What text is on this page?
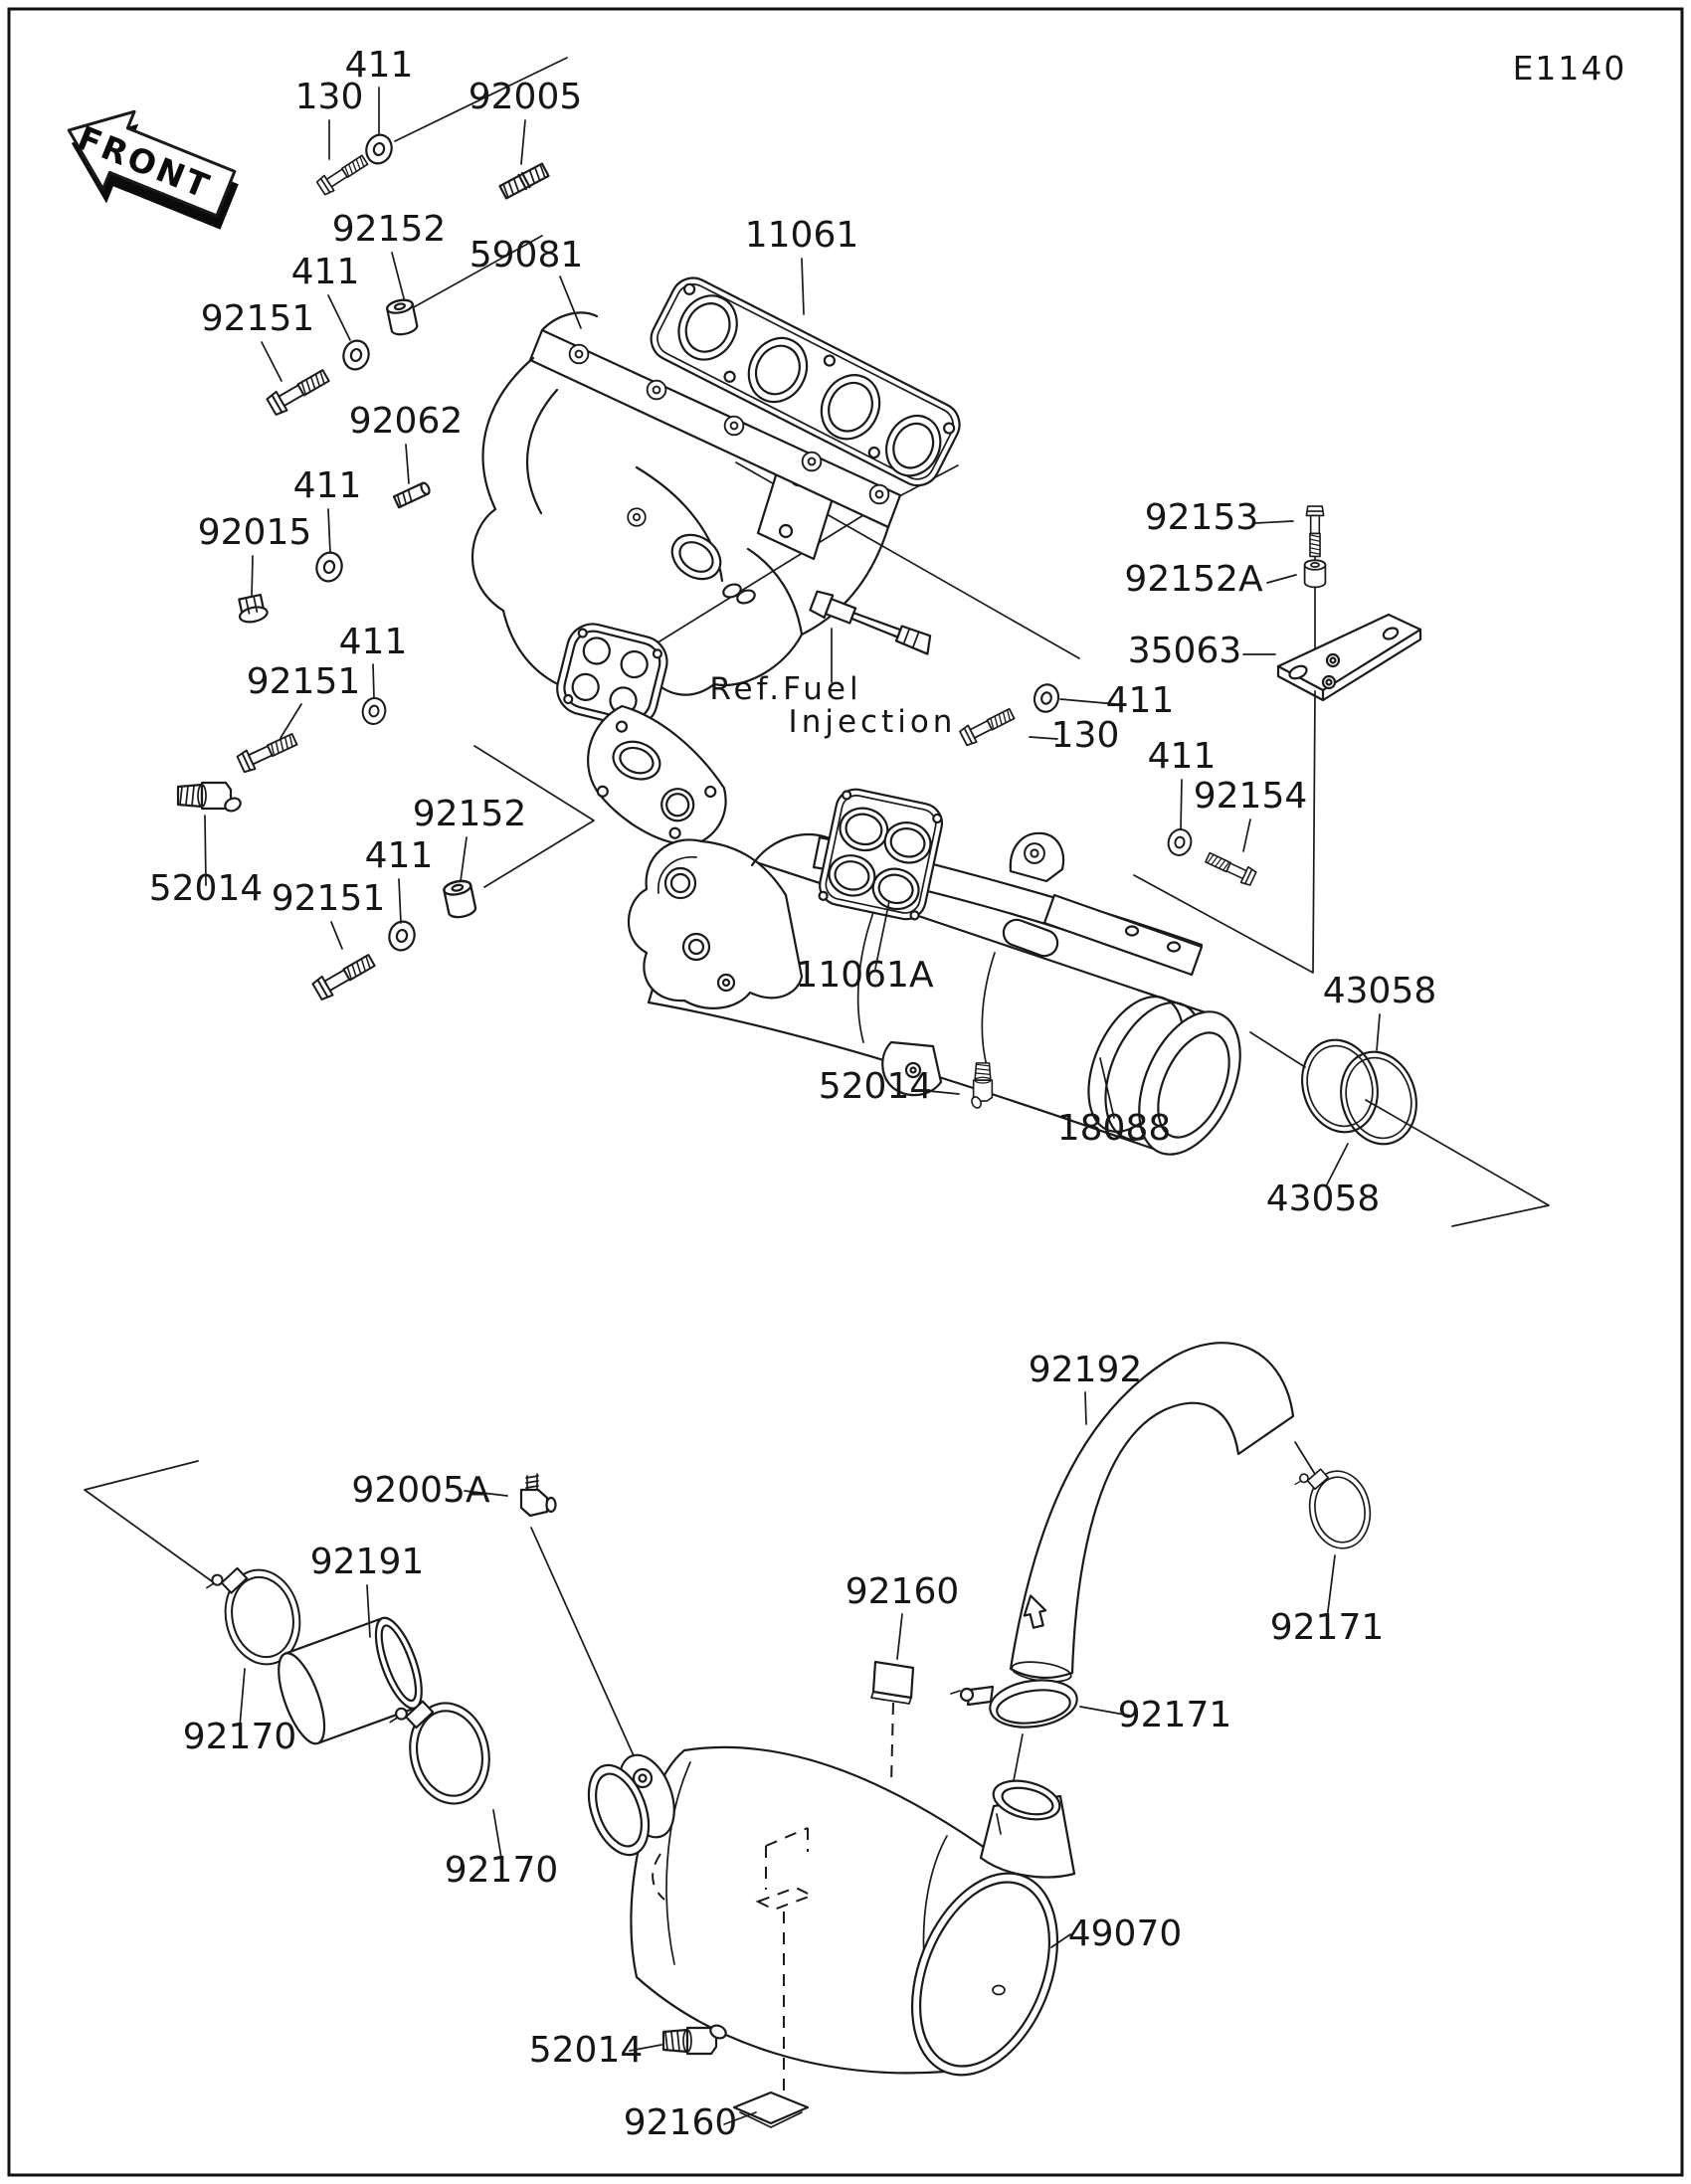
E1140
FRONT
411
130	92005
92152
411
92151
59081	11061
92062
411
92015
411
92151
52014 92151
411
92152
Ref.Fuel
Injection
411
130
92153
92152A
35063
411
92154
11061A
52014
18088
43058
43058
92192
92171
92005A
92191
92160
92170
92171
92170
49070
52014
92160
